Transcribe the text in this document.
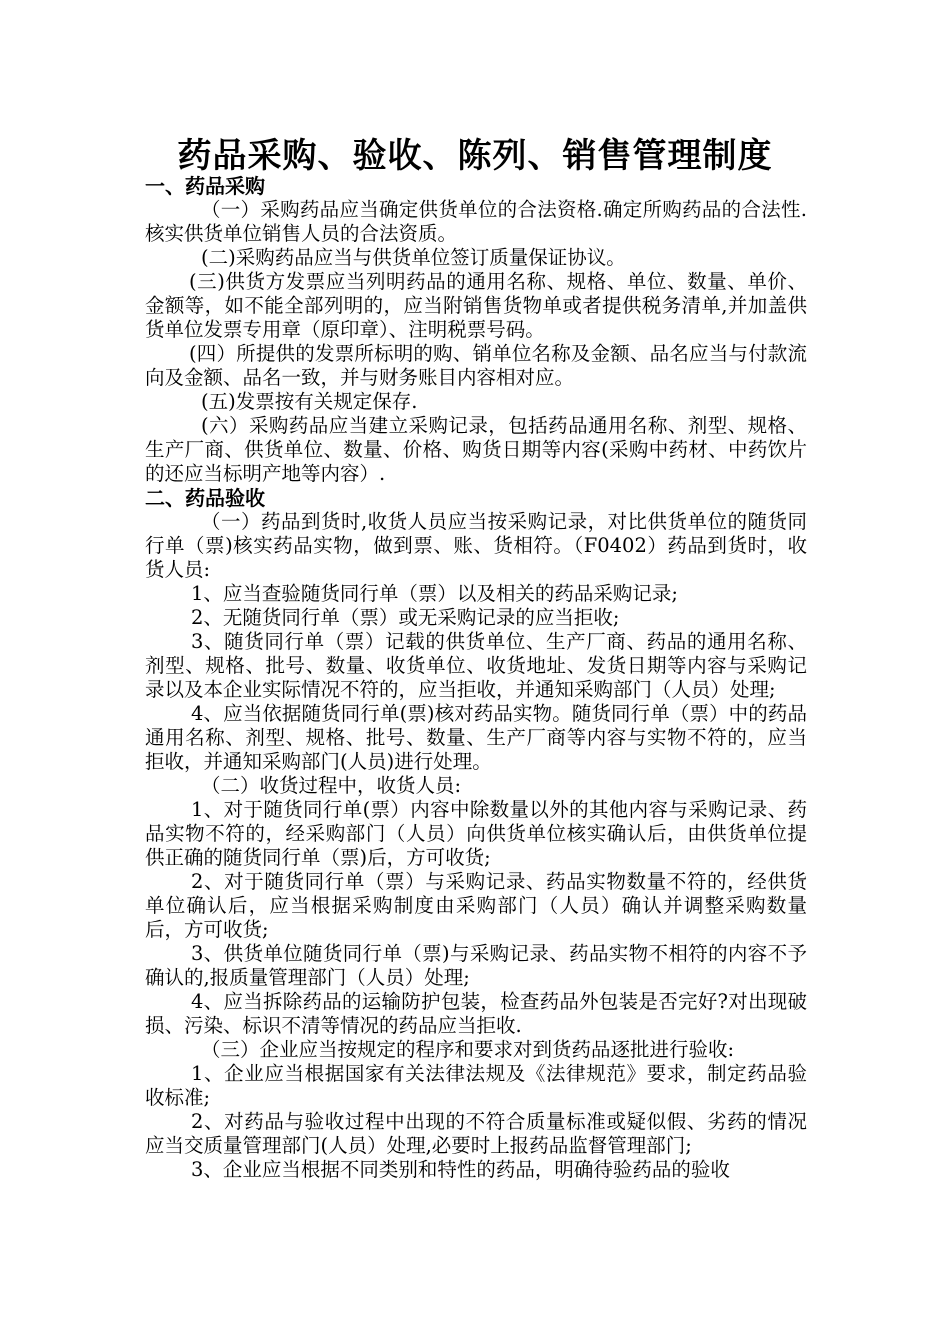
药品采购、验收、陈列、销售管理制度
一、药品采购
（一）采购药品应当确定供货单位的合法资格.确定所购药品的合法性.核实供货单位销售人员的合法资质。
(二)采购药品应当与供货单位签订质量保证协议。
(三)供货方发票应当列明药品的通用名称、规格、单位、数量、单价、金额等，如不能全部列明的，应当附销售货物单或者提供税务清单,并加盖供货单位发票专用章（原印章）、注明税票号码。
(四）所提供的发票所标明的购、销单位名称及金额、品名应当与付款流向及金额、品名一致，并与财务账目内容相对应。
(五)发票按有关规定保存.
(六）采购药品应当建立采购记录，包括药品通用名称、剂型、规格、生产厂商、供货单位、数量、价格、购货日期等内容(采购中药材、中药饮片的还应当标明产地等内容）.
二、药品验收
（一）药品到货时,收货人员应当按采购记录，对比供货单位的随货同行单（票)核实药品实物，做到票、账、货相符。（F0402）药品到货时，收货人员:
1、应当查验随货同行单（票）以及相关的药品采购记录;
2、无随货同行单（票）或无采购记录的应当拒收;
3、随货同行单（票）记载的供货单位、生产厂商、药品的通用名称、剂型、规格、批号、数量、收货单位、收货地址、发货日期等内容与采购记录以及本企业实际情况不符的，应当拒收，并通知采购部门（人员）处理;
4、应当依据随货同行单(票)核对药品实物。随货同行单（票）中的药品通用名称、剂型、规格、批号、数量、生产厂商等内容与实物不符的，应当拒收，并通知采购部门(人员)进行处理。
（二）收货过程中，收货人员:
1、对于随货同行单(票）内容中除数量以外的其他内容与采购记录、药品实物不符的，经采购部门（人员）向供货单位核实确认后，由供货单位提供正确的随货同行单（票)后，方可收货;
2、对于随货同行单（票）与采购记录、药品实物数量不符的，经供货单位确认后，应当根据采购制度由采购部门（人员）确认并调整采购数量后，方可收货;
3、供货单位随货同行单（票)与采购记录、药品实物不相符的内容不予确认的,报质量管理部门（人员）处理;
4、应当拆除药品的运输防护包装，检查药品外包装是否完好?对出现破损、污染、标识不清等情况的药品应当拒收.
（三）企业应当按规定的程序和要求对到货药品逐批进行验收:
1、企业应当根据国家有关法律法规及《法律规范》要求，制定药品验收标准;
2、对药品与验收过程中出现的不符合质量标准或疑似假、劣药的情况应当交质量管理部门(人员）处理,必要时上报药品监督管理部门;
3、企业应当根据不同类别和特性的药品，明确待验药品的验收
